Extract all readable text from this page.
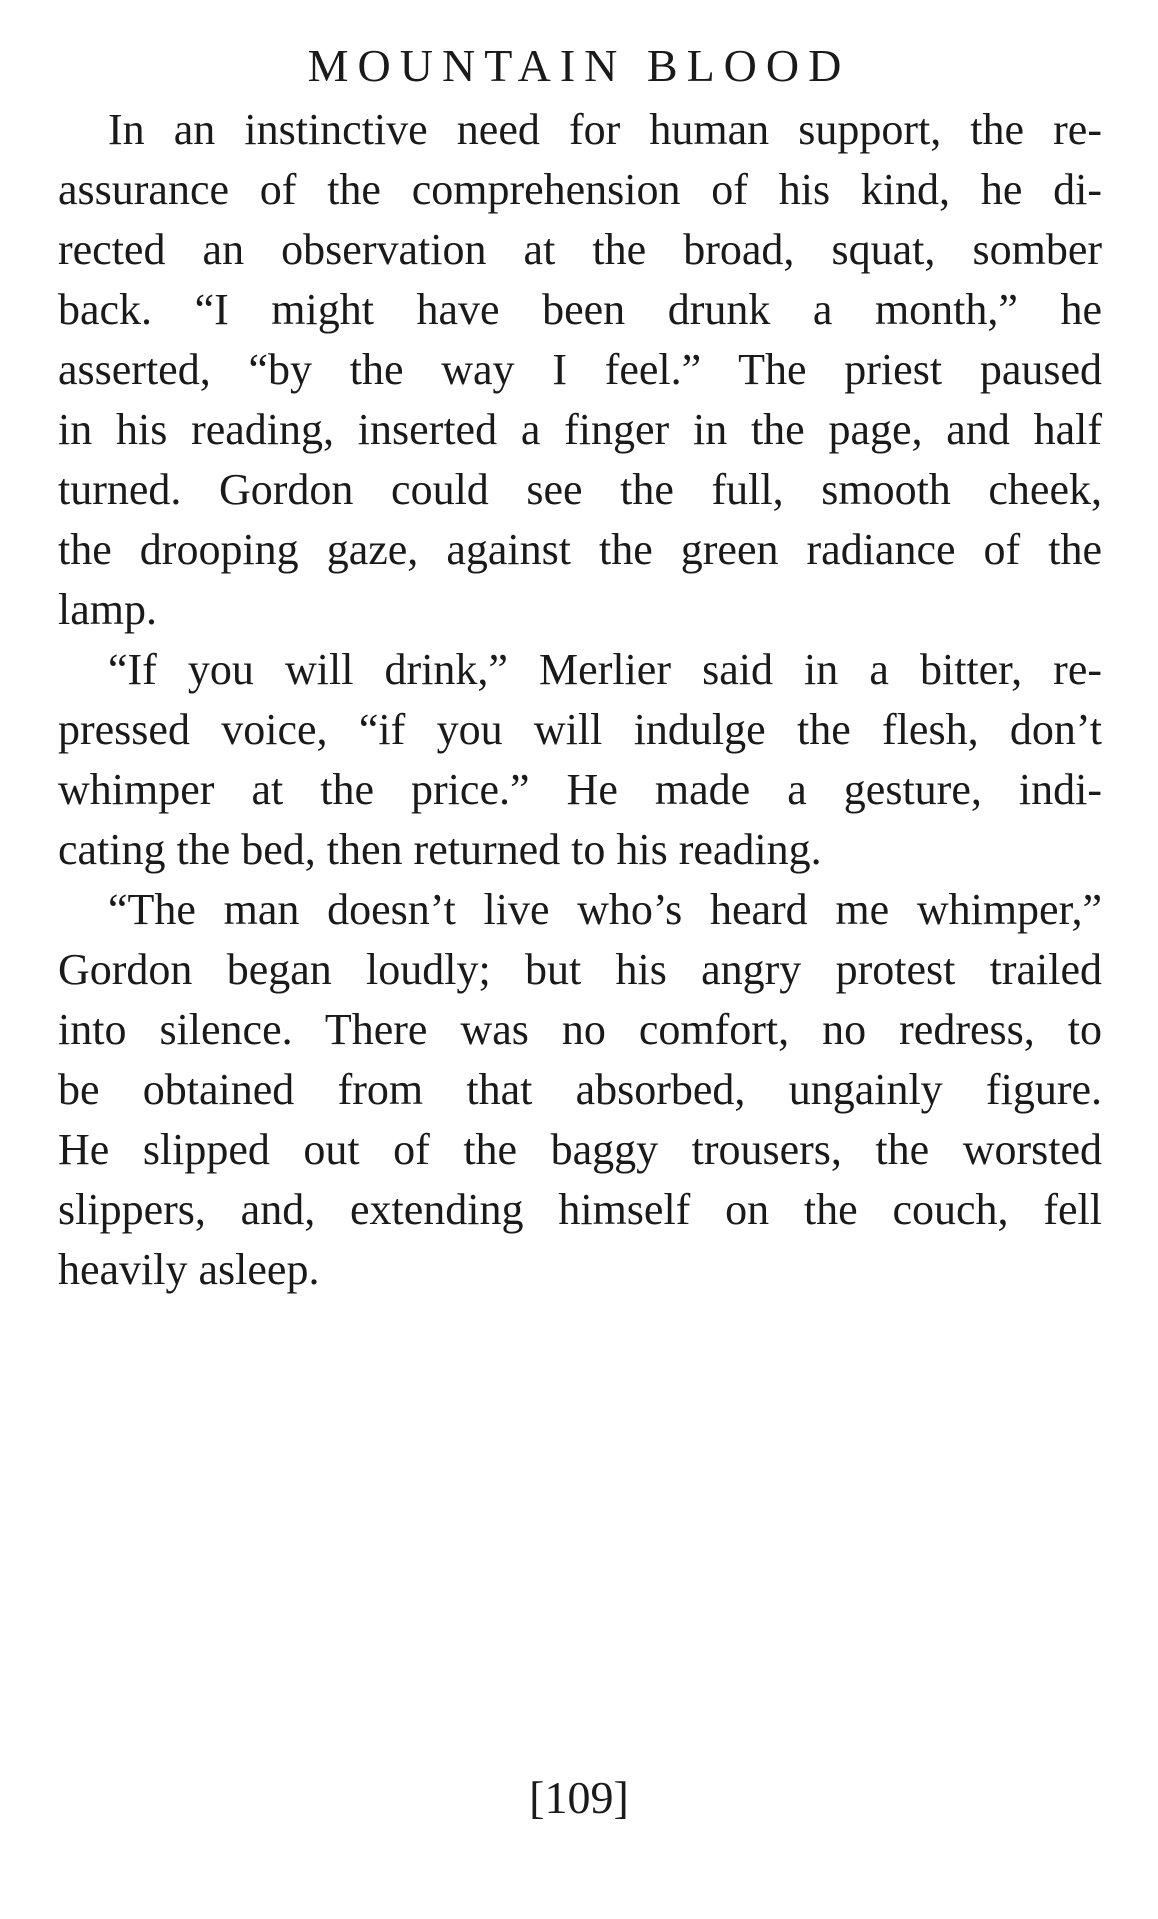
MOUNTAIN BLOOD

In an instinctive need for human support, the re-
assurance of the comprehension of his kind, he di-
rected an observation at the broad, squat, somber
back. “I might have been drunk a month,” he
asserted, “by the way I feel.” The priest paused
in his reading, inserted a finger in the page, and half
turned. Gordon could see the full, smooth cheek,
the drooping gaze, against the green radiance of the
lamp.

“If you will drink,” Merlier said in a bitter, re-
pressed voice, “if you will indulge the flesh, don’t
whimper at the price.” He made a gesture, indi-
cating the bed, then returned to his reading.

“The man doesn’t live who’s heard me whimper,”
Gordon began loudly; but his angry protest trailed
into silence. There was no comfort, no redress, to
be obtained from that absorbed, ungainly figure.
He slipped out of the baggy trousers, the worsted
slippers, and, extending himself on the couch, fell
heavily asleep.

[109]
